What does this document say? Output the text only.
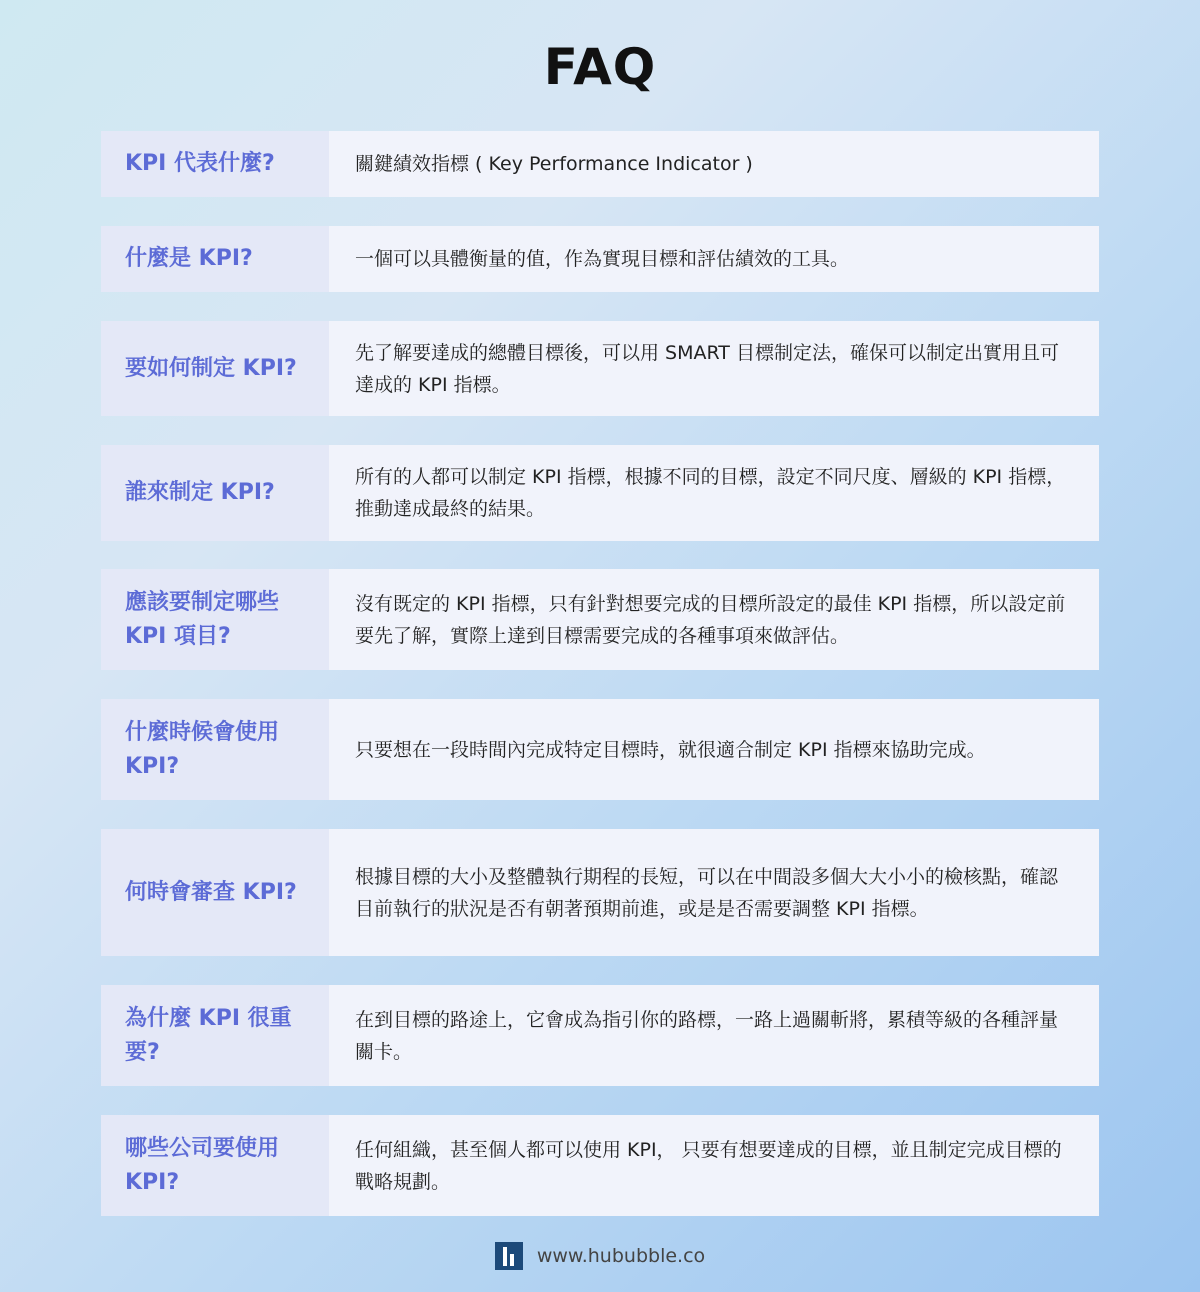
FAQ
KPI 代表什麼?	關鍵績效指標 ( Key Performance Indicator )
什麼是 KPI?	一個可以具體衡量的值，作為實現目標和評估績效的工具。
要如何制定 KPI?
先了解要達成的總體目標後，可以用 SMART 目標制定法，確保可以制定出實用且可達成的 KPI 指標。
誰來制定 KPI?
所有的人都可以制定 KPI 指標，根據不同的目標，設定不同尺度、層級的 KPI 指標，推動達成最終的結果。
應該要制定哪些 KPI 項目?
沒有既定的 KPI 指標，只有針對想要完成的目標所設定的最佳 KPI 指標，所以設定前要先了解，實際上達到目標需要完成的各種事項來做評估。
什麼時候會使用 KPI?
只要想在一段時間內完成特定目標時，就很適合制定 KPI 指標來協助完成。
何時會審查 KPI?
根據目標的大小及整體執行期程的長短，可以在中間設多個大大小小的檢核點，確認目前執行的狀況是否有朝著預期前進，或是是否需要調整 KPI 指標。
為什麼 KPI 很重要?
在到目標的路途上，它會成為指引你的路標，一路上過關斬將，累積等級的各種評量關卡。
哪些公司要使用 KPI?
任何組織，甚至個人都可以使用 KPI， 只要有想要達成的目標，並且制定完成目標的戰略規劃。
www.hububble.co
